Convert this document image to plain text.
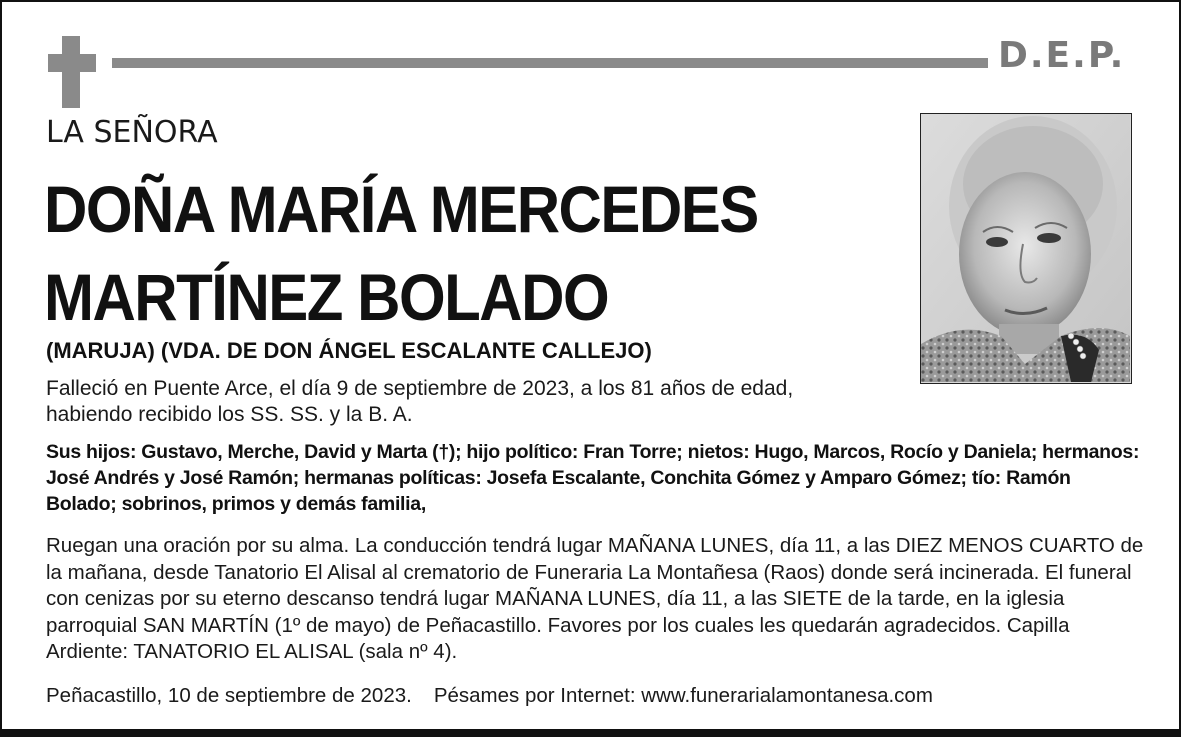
D.E.P.
LA SEÑORA
DOÑA MARÍA MERCEDES
MARTÍNEZ BOLADO
(MARUJA) (VDA. DE DON ÁNGEL ESCALANTE CALLEJO)
Falleció en Puente Arce, el día 9 de septiembre de 2023, a los 81 años de edad,
habiendo recibido los SS. SS. y la B. A.
Sus hijos: Gustavo, Merche, David y Marta (†); hijo político: Fran Torre; nietos: Hugo, Marcos, Rocío y Daniela; hermanos: José Andrés y José Ramón; hermanas políticas: Josefa Escalante, Conchita Gómez y Amparo Gómez; tío: Ramón Bolado; sobrinos, primos y demás familia,
Ruegan una oración por su alma. La conducción tendrá lugar MAÑANA LUNES, día 11, a las DIEZ MENOS CUARTO de la mañana, desde Tanatorio El Alisal al crematorio de Funeraria La Montañesa (Raos) donde será incinerada. El funeral con cenizas por su eterno descanso tendrá lugar MAÑANA LUNES, día 11, a las SIETE de la tarde, en la iglesia parroquial SAN MARTÍN (1º de mayo) de Peñacastillo. Favores por los cuales les quedarán agradecidos. Capilla Ardiente: TANATORIO EL ALISAL (sala nº 4).
Peñacastillo, 10 de septiembre de 2023. Pésames por Internet: www.funerarialamontanesa.com
